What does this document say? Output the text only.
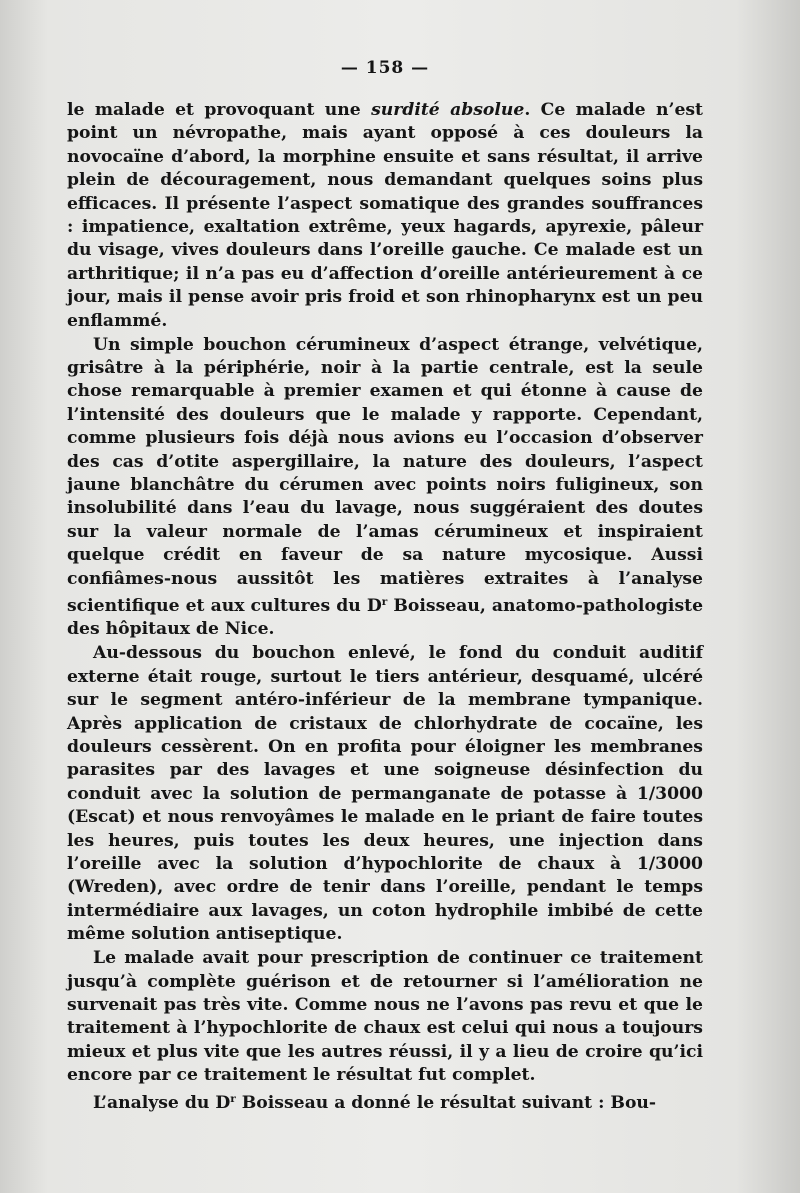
— 158 —

le malade et provoquant une surdité absolue. Ce malade n’est point un névropathe, mais ayant opposé à ces douleurs la novocaïne d’abord, la morphine ensuite et sans résultat, il arrive plein de découragement, nous demandant quelques soins plus efficaces. Il présente l’aspect somatique des grandes souffrances : impatience, exaltation extrême, yeux hagards, apyrexie, pâleur du visage, vives douleurs dans l’oreille gauche. Ce malade est un arthritique; il n’a pas eu d’affection d’oreille antérieurement à ce jour, mais il pense avoir pris froid et son rhinopharynx est un peu enflammé.

Un simple bouchon cérumineux d’aspect étrange, velvétique, grisâtre à la périphérie, noir à la partie centrale, est la seule chose remarquable à premier examen et qui étonne à cause de l’intensité des douleurs que le malade y rapporte. Cependant, comme plusieurs fois déjà nous avions eu l’occasion d’observer des cas d’otite aspergillaire, la nature des douleurs, l’aspect jaune blanchâtre du cérumen avec points noirs fuligineux, son insolubilité dans l’eau du lavage, nous suggéraient des doutes sur la valeur normale de l’amas cérumineux et inspiraient quelque crédit en faveur de sa nature mycosique. Aussi confiâmes-nous aussitôt les matières extraites à l’analyse scientifique et aux cultures du $D^r$ Boisseau, anatomo-pathologiste des hôpitaux de Nice.

Au-dessous du bouchon enlevé, le fond du conduit auditif externe était rouge, surtout le tiers antérieur, desquamé, ulcéré sur le segment antéro-inférieur de la membrane tympanique. Après application de cristaux de chlorhydrate de cocaïne, les douleurs cessèrent. On en profita pour éloigner les membranes parasites par des lavages et une soigneuse désinfection du conduit avec la solution de permanganate de potasse à 1/3000 (Escat) et nous renvoyâmes le malade en le priant de faire toutes les heures, puis toutes les deux heures, une injection dans l’oreille avec la solution d’hypochlorite de chaux à 1/3000 (Wreden), avec ordre de tenir dans l’oreille, pendant le temps intermédiaire aux lavages, un coton hydrophile imbibé de cette même solution antiseptique.

Le malade avait pour prescription de continuer ce traitement jusqu’à complète guérison et de retourner si l’amélioration ne survenait pas très vite. Comme nous ne l’avons pas revu et que le traitement à l’hypochlorite de chaux est celui qui nous a toujours mieux et plus vite que les autres réussi, il y a lieu de croire qu’ici encore par ce traitement le résultat fut complet.

L’analyse du $D^r$ Boisseau a donné le résultat suivant : Bou-
